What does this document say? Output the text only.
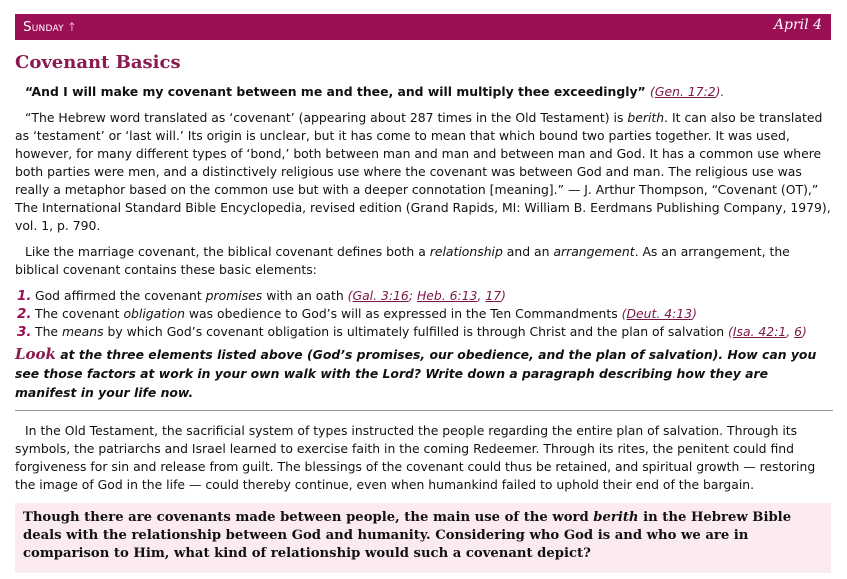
Sunday ↑	April 4
Covenant Basics

“And I will make my covenant between me and thee, and will multiply thee exceedingly” (Gen. 17:2).

“The Hebrew word translated as ‘covenant’ (appearing about 287 times in the Old Testament) is berith. It can also be translated as ‘testament’ or ‘last will.’ Its origin is unclear, but it has come to mean that which bound two parties together. It was used, however, for many different types of ‘bond,’ both between man and man and between man and God. It has a common use where both parties were men, and a distinctively religious use where the covenant was between God and man. The religious use was really a metaphor based on the common use but with a deeper connotation [meaning].” — J. Arthur Thompson, “Covenant (OT),” The International Standard Bible Encyclopedia, revised edition (Grand Rapids, MI: William B. Eerdmans Publishing Company, 1979), vol. 1, p. 790.

Like the marriage covenant, the biblical covenant defines both a relationship and an arrangement. As an arrangement, the biblical covenant contains these basic elements:

1. God affirmed the covenant promises with an oath (Gal. 3:16; Heb. 6:13, 17)
2. The covenant obligation was obedience to God’s will as expressed in the Ten Commandments (Deut. 4:13)
3. The means by which God’s covenant obligation is ultimately fulfilled is through Christ and the plan of salvation (Isa. 42:1, 6)

Look at the three elements listed above (God’s promises, our obedience, and the plan of salvation). How can you see those factors at work in your own walk with the Lord? Write down a paragraph describing how they are manifest in your life now.

In the Old Testament, the sacrificial system of types instructed the people regarding the entire plan of salvation. Through its symbols, the patriarchs and Israel learned to exercise faith in the coming Redeemer. Through its rites, the penitent could find forgiveness for sin and release from guilt. The blessings of the covenant could thus be retained, and spiritual growth — restoring the image of God in the life — could thereby continue, even when humankind failed to uphold their end of the bargain.

Though there are covenants made between people, the main use of the word berith in the Hebrew Bible deals with the relationship between God and humanity. Considering who God is and who we are in comparison to Him, what kind of relationship would such a covenant depict?
